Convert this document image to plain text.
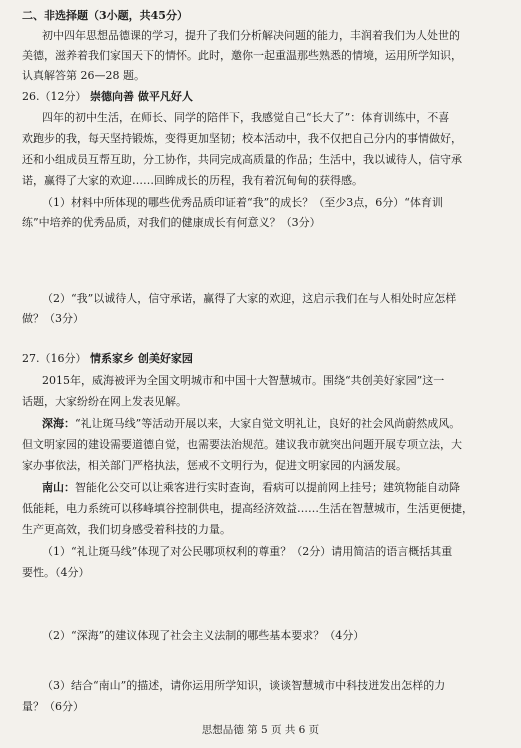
二、非选择题（3小题，共45分）
初中四年思想品德课的学习，提升了我们分析解决问题的能力，丰润着我们为人处世的
美德，滋养着我们家国天下的情怀。此时，邀你一起重温那些熟悉的情境，运用所学知识，
认真解答第 26—28 题。
26.（12分） 崇德向善 做平凡好人
四年的初中生活，在师长、同学的陪伴下，我感觉自己“长大了”：体育训练中，不喜
欢跑步的我，每天坚持锻炼，变得更加坚韧；校本活动中，我不仅把自己分内的事情做好，
还和小组成员互帮互助，分工协作，共同完成高质量的作品；生活中，我以诚待人，信守承
诺，赢得了大家的欢迎……回眸成长的历程，我有着沉甸甸的获得感。
（1）材料中所体现的哪些优秀品质印证着“我”的成长？（至少3点，6分）“体育训
练”中培养的优秀品质，对我们的健康成长有何意义？（3分）
（2）“我”以诚待人，信守承诺，赢得了大家的欢迎，这启示我们在与人相处时应怎样
做？（3分）
27.（16分） 情系家乡 创美好家园
2015年，威海被评为全国文明城市和中国十大智慧城市。围绕“共创美好家园”这一
话题，大家纷纷在网上发表见解。
深海：“礼让斑马线”等活动开展以来，大家自觉文明礼让，良好的社会风尚蔚然成风。
但文明家园的建设需要道德自觉，也需要法治规范。建议我市就突出问题开展专项立法，大
家办事依法，相关部门严格执法，惩戒不文明行为，促进文明家园的内涵发展。
南山：智能化公交可以让乘客进行实时查询，看病可以提前网上挂号；建筑物能自动降
低能耗，电力系统可以移峰填谷控制供电，提高经济效益……生活在智慧城市，生活更便捷，
生产更高效，我们切身感受着科技的力量。
（1）“礼让斑马线”体现了对公民哪项权利的尊重？（2分）请用简洁的语言概括其重
要性。（4分）
（2）“深海”的建议体现了社会主义法制的哪些基本要求？（4分）
（3）结合“南山”的描述，请你运用所学知识，谈谈智慧城市中科技迸发出怎样的力
量？（6分）
思想品德 第 5 页 共 6 页
